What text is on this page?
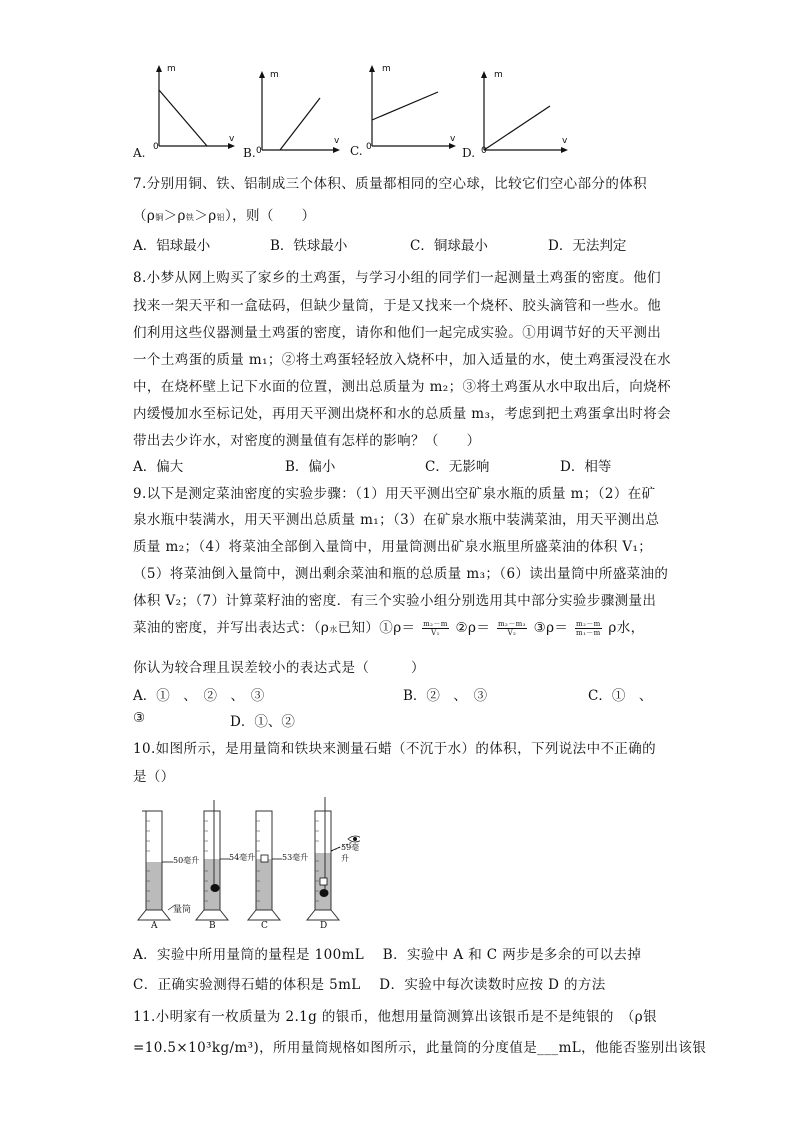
A.
m
v
0	B.
m
v
0	C.
m
v
0	D.
m
v
0
7.分别用铜、铁、铝制成三个体积、质量都相同的空心球，比较它们空心部分的体积
（ρ铜＞ρ铁＞ρ铝），则（　　）
A．铝球最小	B．铁球最小	C．铜球最小	D．无法判定
8.小梦从网上购买了家乡的土鸡蛋，与学习小组的同学们一起测量土鸡蛋的密度。他们
找来一架天平和一盒砝码，但缺少量筒，于是又找来一个烧杯、胶头滴管和一些水。他
们利用这些仪器测量土鸡蛋的密度，请你和他们一起完成实验。①用调节好的天平测出
一个土鸡蛋的质量 m₁；②将土鸡蛋轻轻放入烧杯中，加入适量的水，使土鸡蛋浸没在水
中，在烧杯壁上记下水面的位置，测出总质量为 m₂；③将土鸡蛋从水中取出后，向烧杯
内缓慢加水至标记处，再用天平测出烧杯和水的总质量 m₃，考虑到把土鸡蛋拿出时将会
带出去少许水，对密度的测量值有怎样的影响？（　　）
A．偏大	B．偏小	C．无影响	D．相等
9.以下是测定菜油密度的实验步骤：（1）用天平测出空矿泉水瓶的质量 m；（2）在矿
泉水瓶中装满水，用天平测出总质量 m₁；（3）在矿泉水瓶中装满菜油，用天平测出总
质量 m₂；（4）将菜油全部倒入量筒中，用量筒测出矿泉水瓶里所盛菜油的体积 V₁；
（5）将菜油倒入量筒中，测出剩余菜油和瓶的总质量 m₃；（6）读出量筒中所盛菜油的
体积 V₂；（7）计算菜籽油的密度．有三个实验小组分别选用其中部分实验步骤测量出
菜油的密度，并写出表达式：（ρ水已知）①ρ＝ $\frac{\text{m₂－m}}{\text{V₁}}$ ②ρ＝ $\frac{\text{m₂－m₃}}{\text{V₂}}$ ③ρ＝ $\frac{\text{m₂－m}}{\text{m₁－m}}$ ρ水，
你认为较合理且误差较小的表达式是（　　　）
A．①　、　②　、　③	B．②　、　③	C．①　、
③	D．①、②
10.如图所示，是用量筒和铁块来测量石蜡（不沉于水）的体积，下列说法中不正确的
是（）
50毫升	54毫升	53毫升
59毫升
量筒
A	B	C	D
A．实验中所用量筒的量程是 100mL　 B．实验中 A 和 C 两步是多余的可以去掉
C．正确实验测得石蜡的体积是 5mL　 D．实验中每次读数时应按 D 的方法
11.小明家有一枚质量为 2.1g 的银币，他想用量筒测算出该银币是不是纯银的　（ρ银
=10.5×10³kg/m³)，所用量筒规格如图所示，此量筒的分度值是___mL，他能否鉴别出该银
